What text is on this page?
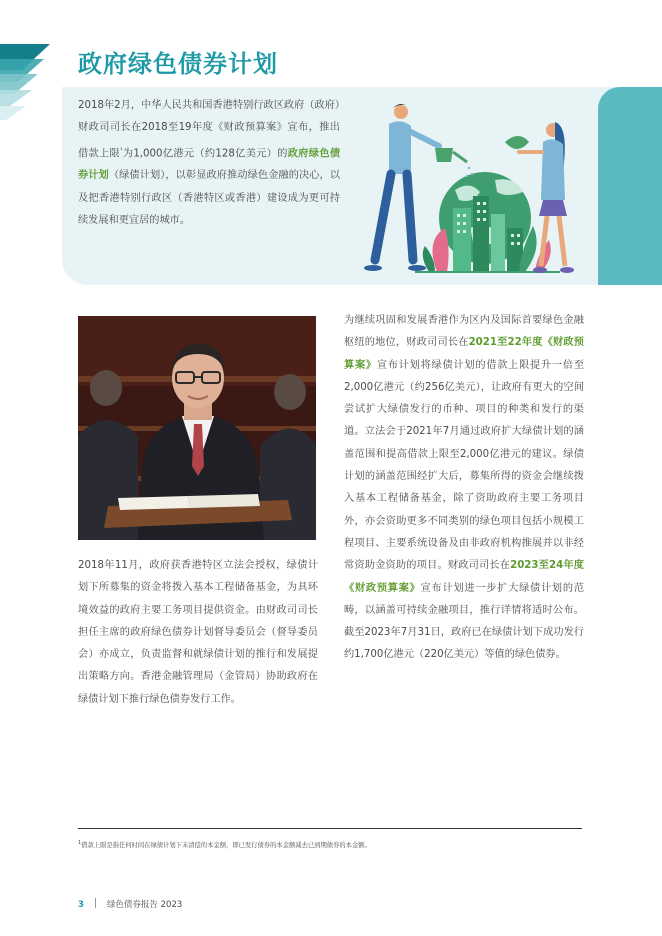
政府绿色债券计划

2018年2月，中华人民共和国香港特别行政区政府（政府）财政司司长在2018至19年度《财政预算案》宣布，推出借款上限$^{^1}$为1,000亿港元（约128亿美元）的政府绿色债券计划（绿债计划），以彰显政府推动绿色金融的决心，以及把香港特别行政区（香港特区或香港）建设成为更可持续发展和更宜居的城市。

2018年11月，政府获香港特区立法会授权，绿债计划下所募集的资金将拨入基本工程储备基金，为具环境效益的政府主要工务项目提供资金。由财政司司长担任主席的政府绿色债券计划督导委员会（督导委员会）亦成立，负责监督和就绿债计划的推行和发展提出策略方向。香港金融管理局（金管局）协助政府在绿债计划下推行绿色债券发行工作。

为继续巩固和发展香港作为区内及国际首要绿色金融枢纽的地位，财政司司长在2021至22年度《财政预算案》宣布计划将绿债计划的借款上限提升一倍至2,000亿港元（约256亿美元），让政府有更大的空间尝试扩大绿债发行的币种、项目的种类和发行的渠道。立法会于2021年7月通过政府扩大绿债计划的涵盖范围和提高借款上限至2,000亿港元的建议。绿债计划的涵盖范围经扩大后，募集所得的资金会继续拨入基本工程储备基金，除了资助政府主要工务项目外，亦会资助更多不同类别的绿色项目包括小规模工程项目、主要系统设备及由非政府机构推展并以非经常资助金资助的项目。财政司司长在2023至24年度《财政预算案》宣布计划进一步扩大绿债计划的范畴，以涵盖可持续金融项目，推行详情将适时公布。截至2023年7月31日，政府已在绿债计划下成功发行约1,700亿港元（220亿美元）等值的绿色债券。

$^1$借款上限是指任何时间在绿债计划下未清偿的本金额，即已发行债券的本金额减去已到期债券的本金额。

3	绿色债券报告 2023
